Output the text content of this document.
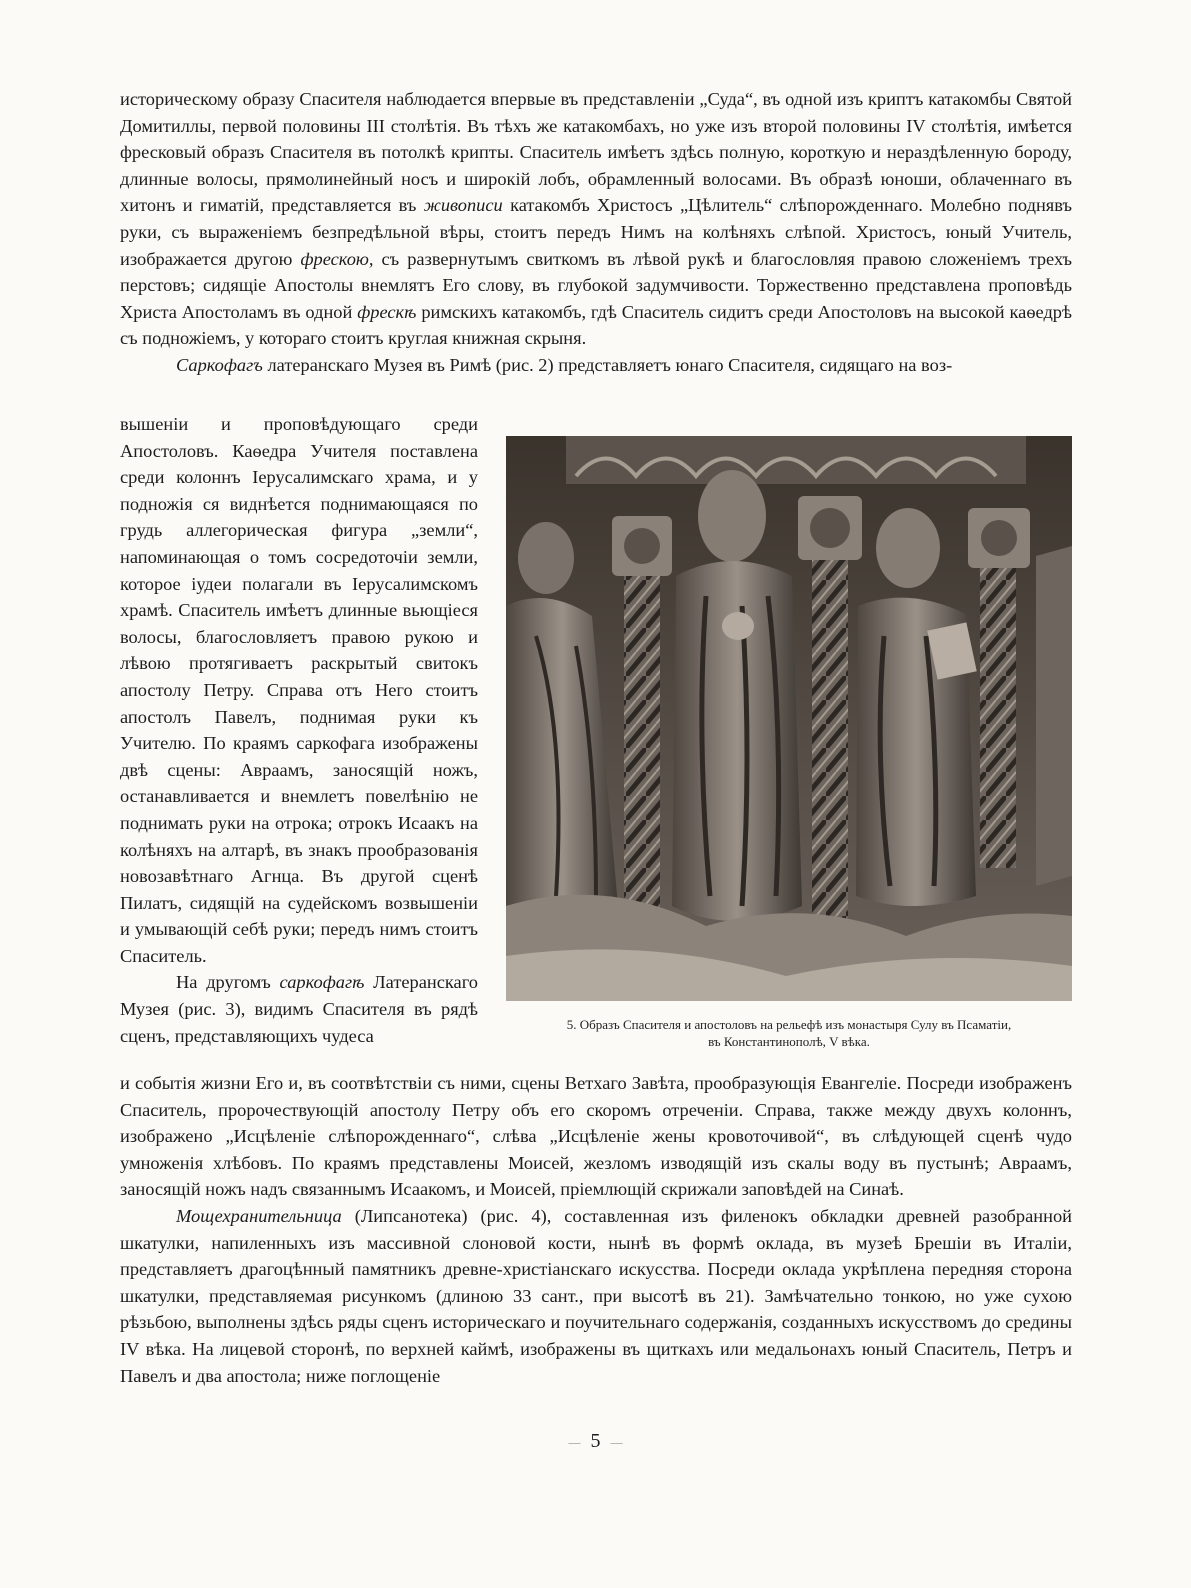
историческому образу Спасителя наблюдается впервые въ представленіи „Суда“, въ одной изъ криптъ катакомбы Святой Домитиллы, первой половины III столѣтія. Въ тѣхъ же катакомбахъ, но уже изъ второй половины IV столѣтія, имѣется фресковый образъ Спасителя въ потолкѣ крипты. Спаситель имѣетъ здѣсь полную, короткую и нераздѣленную бороду, длинные волосы, прямолинейный носъ и широкій лобъ, обрамленный волосами. Въ образѣ юноши, облаченнаго въ хитонъ и гиматій, представляется въ живописи катакомбъ Христосъ „Цѣлитель“ слѣпорожденнаго. Молебно поднявъ руки, съ выраженіемъ безпредѣльной вѣры, стоитъ передъ Нимъ на колѣняхъ слѣпой. Христосъ, юный Учитель, изображается другою фрескою, съ развернутымъ свиткомъ въ лѣвой рукѣ и благословляя правою сложеніемъ трехъ перстовъ; сидящіе Апостолы внемлятъ Его слову, въ глубокой задумчивости. Торжественно представлена проповѣдь Христа Апостоламъ въ одной фрескѣ римскихъ катакомбъ, гдѣ Спаситель сидитъ среди Апостоловъ на высокой каѳедрѣ съ подножіемъ, у котораго стоитъ круглая книжная скрыня.

Саркофагъ латеранскаго Музея въ Римѣ (рис. 2) представляетъ юнаго Спасителя, сидящаго на воз-

вышеніи и проповѣдующаго среди Апостоловъ. Каѳедра Учителя поставлена среди колоннъ Іерусалимскаго храма, и у подножія ся виднѣется поднимающаяся по грудь аллегорическая фигура „земли“, напоминающая о томъ сосредоточіи земли, которое іудеи полагали въ Іерусалимскомъ храмѣ. Спаситель имѣетъ длинные вьющіеся волосы, благословляетъ правою рукою и лѣвою протягиваетъ раскрытый свитокъ апостолу Петру. Справа отъ Него стоитъ апостолъ Павелъ, поднимая руки къ Учителю. По краямъ саркофага изображены двѣ сцены: Авраамъ, заносящій ножъ, останавливается и внемлетъ повелѣнію не поднимать руки на отрока; отрокъ Исаакъ на колѣняхъ на алтарѣ, въ знакъ прообразованія новозавѣтнаго Агнца. Въ другой сценѣ Пилатъ, сидящій на судейскомъ возвышеніи и умывающій себѣ руки; передъ нимъ стоитъ Спаситель.

На другомъ саркофагѣ Латеранскаго Музея (рис. 3), видимъ Спасителя въ рядѣ сценъ, представляющихъ чудеса

5. Образъ Спасителя и апостоловъ на рельефѣ изъ монастыря Сулу въ Псаматіи,
въ Константинополѣ, V вѣка.

и событія жизни Его и, въ соотвѣтствіи съ ними, сцены Ветхаго Завѣта, прообразующія Евангеліе. Посреди изображенъ Спаситель, пророчествующій апостолу Петру объ его скоромъ отреченіи. Справа, также между двухъ колоннъ, изображено „Исцѣленіе слѣпорожденнаго“, слѣва „Исцѣленіе жены кровоточивой“, въ слѣдующей сценѣ чудо умноженія хлѣбовъ. По краямъ представлены Моисей, жезломъ изводящій изъ скалы воду въ пустынѣ; Авраамъ, заносящій ножъ надъ связаннымъ Исаакомъ, и Моисей, пріемлющій скрижали заповѣдей на Синаѣ.

Мощехранительница (Липсанотека) (рис. 4), составленная изъ филенокъ обкладки древней разобранной шкатулки, напиленныхъ изъ массивной слоновой кости, нынѣ въ формѣ оклада, въ музеѣ Брешіи въ Италіи, представляетъ драгоцѣнный памятникъ древне-христіанскаго искусства. Посреди оклада укрѣплена передняя сторона шкатулки, представляемая рисункомъ (длиною 33 сант., при высотѣ въ 21). Замѣчательно тонкою, но уже сухою рѣзьбою, выполнены здѣсь ряды сценъ историческаго и поучительнаго содержанія, созданныхъ искусствомъ до средины IV вѣка. На лицевой сторонѣ, по верхней каймѣ, изображены въ щиткахъ или медальонахъ юный Спаситель, Петръ и Павелъ и два апостола; ниже поглощеніе

— 5 —
